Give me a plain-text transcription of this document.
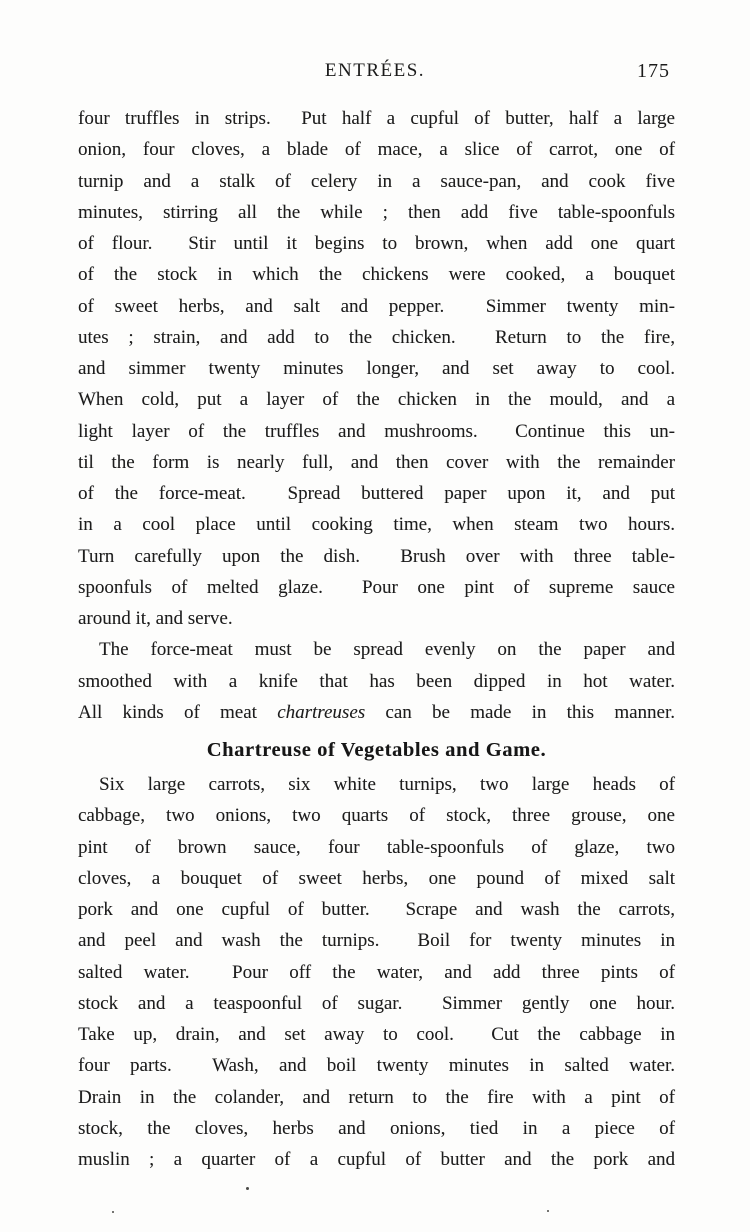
ENTRÉES.	175
four truffles in strips.  Put half a cupful of butter, half a large
onion, four cloves, a blade of mace, a slice of carrot, one of
turnip and a stalk of celery in a sauce-pan, and cook five
minutes, stirring all the while ; then add five table-spoonfuls
of flour.  Stir until it begins to brown, when add one quart
of the stock in which the chickens were cooked, a bouquet
of sweet herbs, and salt and pepper.  Simmer twenty min-
utes ; strain, and add to the chicken.  Return to the fire,
and simmer twenty minutes longer, and set away to cool.
When cold, put a layer of the chicken in the mould, and a
light layer of the truffles and mushrooms.  Continue this un-
til the form is nearly full, and then cover with the remainder
of the force-meat.  Spread buttered paper upon it, and put
in a cool place until cooking time, when steam two hours.
Turn carefully upon the dish.  Brush over with three table-
spoonfuls of melted glaze.  Pour one pint of supreme sauce
around it, and serve.
The force-meat must be spread evenly on the paper and
smoothed with a knife that has been dipped in hot water.
All kinds of meat chartreuses can be made in this manner.
Chartreuse of Vegetables and Game.
Six large carrots, six white turnips, two large heads of
cabbage, two onions, two quarts of stock, three grouse, one
pint of brown sauce, four table-spoonfuls of glaze, two
cloves, a bouquet of sweet herbs, one pound of mixed salt
pork and one cupful of butter.  Scrape and wash the carrots,
and peel and wash the turnips.  Boil for twenty minutes in
salted water.  Pour off the water, and add three pints of
stock and a teaspoonful of sugar.  Simmer gently one hour.
Take up, drain, and set away to cool.  Cut the cabbage in
four parts.  Wash, and boil twenty minutes in salted water.
Drain in the colander, and return to the fire with a pint of
stock, the cloves, herbs and onions, tied in a piece of
muslin ; a quarter of a cupful of butter and the pork and
